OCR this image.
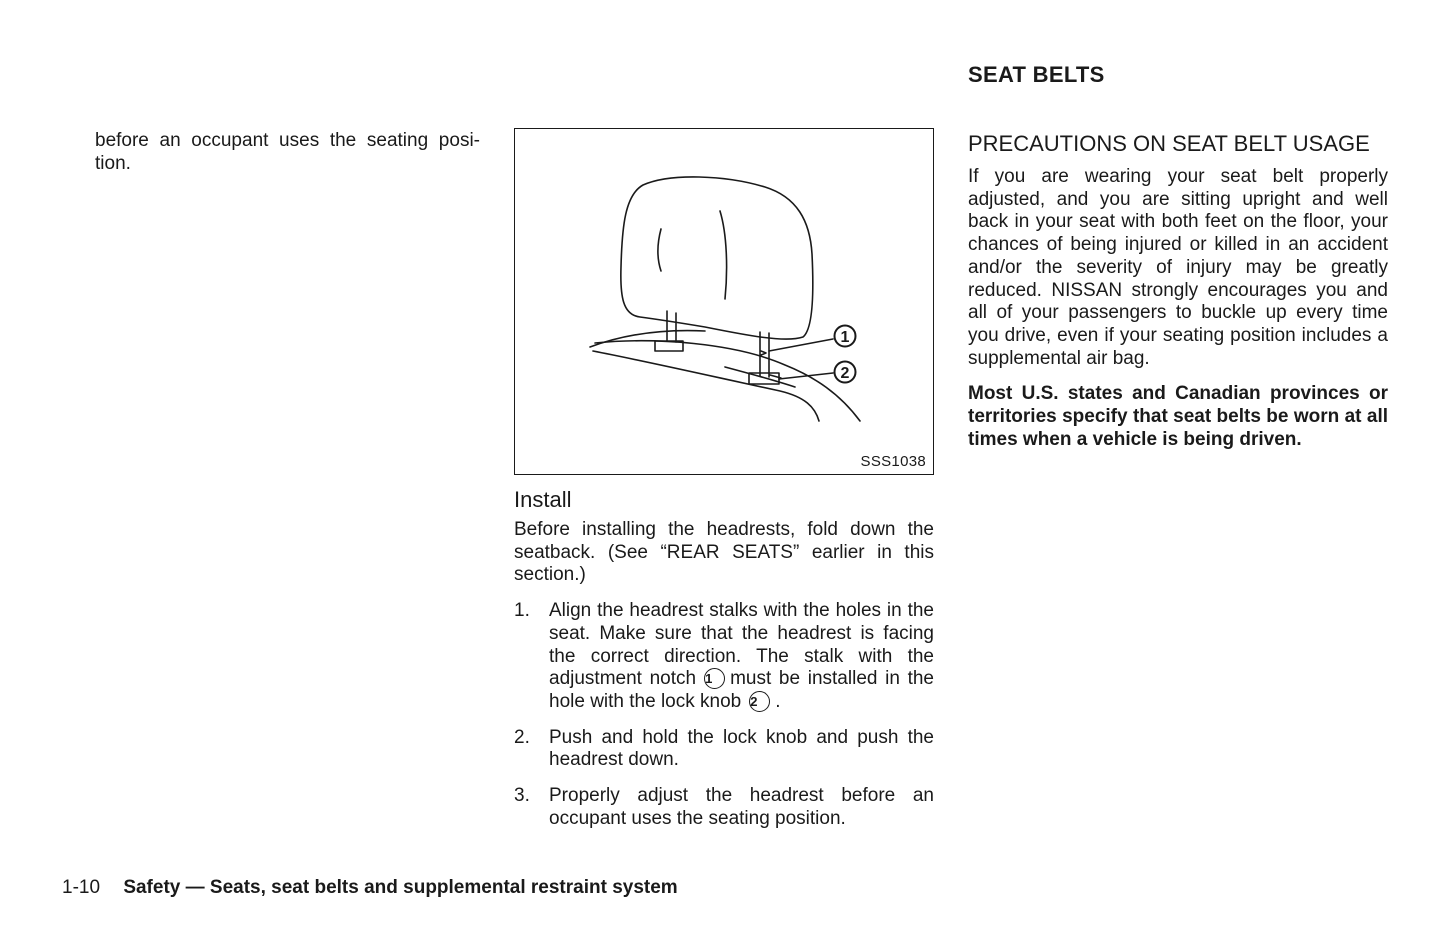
before an occupant uses the seating posi-tion.

1
2
SSS1038
Install

Before installing the headrests, fold down the seatback. (See “REAR SEATS” earlier in this section.)

1. Align the headrest stalks with the holes in the seat. Make sure that the headrest is facing the correct direction. The stalk with the adjustment notch 1 must be installed in the hole with the lock knob 2 .
2. Push and hold the lock knob and push the headrest down.
3. Properly adjust the headrest before an occupant uses the seating position.
SEAT BELTS
PRECAUTIONS ON SEAT BELT USAGE

If you are wearing your seat belt properly adjusted, and you are sitting upright and well back in your seat with both feet on the floor, your chances of being injured or killed in an accident and/or the severity of injury may be greatly reduced. NISSAN strongly encourages you and all of your passengers to buckle up every time you drive, even if your seating position includes a supplemental air bag.

Most U.S. states and Canadian provinces or territories specify that seat belts be worn at all times when a vehicle is being driven.

1-10 Safety — Seats, seat belts and supplemental restraint system
